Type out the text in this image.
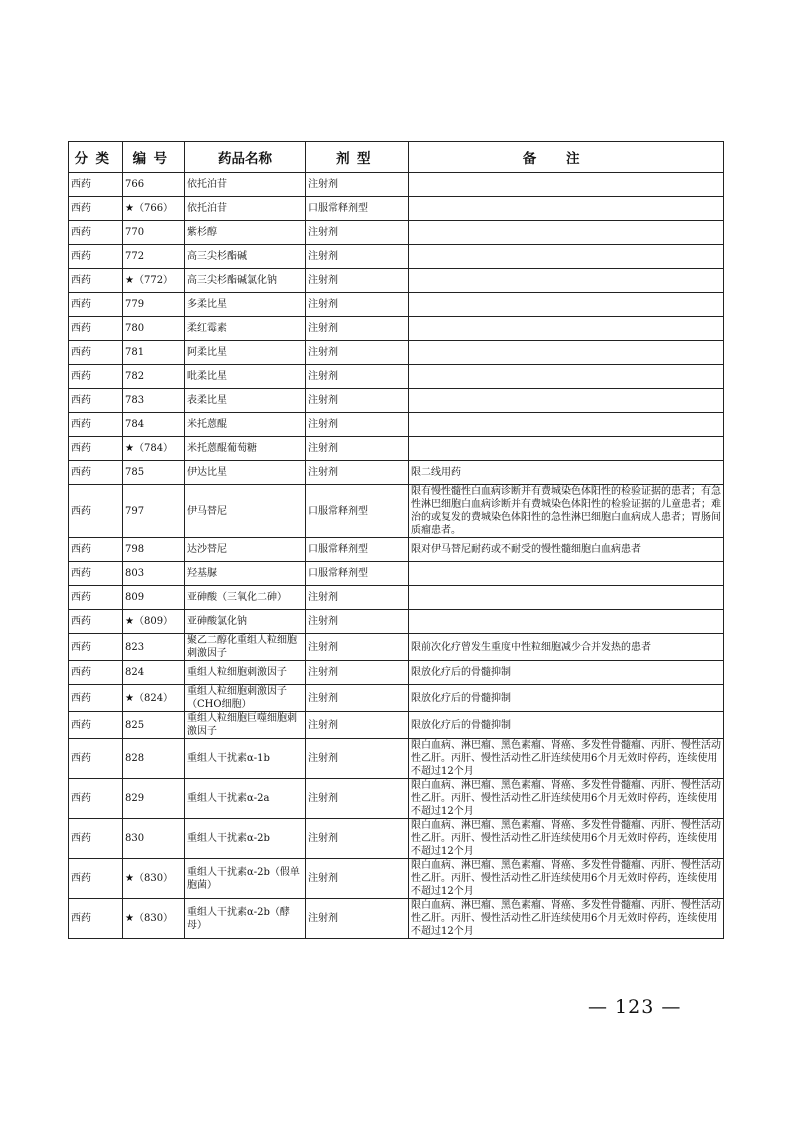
分类	编号	药品名称	剂型	备注
西药	766	依托泊苷	注射剂	
西药	★（766）	依托泊苷	口服常释剂型	
西药	770	紫杉醇	注射剂	
西药	772	高三尖杉酯碱	注射剂	
西药	★（772）	高三尖杉酯碱氯化钠	注射剂	
西药	779	多柔比星	注射剂	
西药	780	柔红霉素	注射剂	
西药	781	阿柔比星	注射剂	
西药	782	吡柔比星	注射剂	
西药	783	表柔比星	注射剂	
西药	784	米托蒽醌	注射剂	
西药	★（784）	米托蒽醌葡萄糖	注射剂	
西药	785	伊达比星	注射剂	限二线用药
西药	797	伊马替尼	口服常释剂型	限有慢性髓性白血病诊断并有费城染色体阳性的检验证据的患者；有急性淋巴细胞白血病诊断并有费城染色体阳性的检验证据的儿童患者；难治的或复发的费城染色体阳性的急性淋巴细胞白血病成人患者；胃肠间质瘤患者。
西药	798	达沙替尼	口服常释剂型	限对伊马替尼耐药或不耐受的慢性髓细胞白血病患者
西药	803	羟基脲	口服常释剂型	
西药	809	亚砷酸（三氧化二砷）	注射剂	
西药	★（809）	亚砷酸氯化钠	注射剂	
西药	823	聚乙二醇化重组人粒细胞刺激因子	注射剂	限前次化疗曾发生重度中性粒细胞减少合并发热的患者
西药	824	重组人粒细胞刺激因子	注射剂	限放化疗后的骨髓抑制
西药	★（824）	重组人粒细胞刺激因子（CHO细胞）	注射剂	限放化疗后的骨髓抑制
西药	825	重组人粒细胞巨噬细胞刺激因子	注射剂	限放化疗后的骨髓抑制
西药	828	重组人干扰素α-1b	注射剂	限白血病、淋巴瘤、黑色素瘤、肾癌、多发性骨髓瘤、丙肝、慢性活动性乙肝。丙肝、慢性活动性乙肝连续使用6个月无效时停药，连续使用不超过12个月
西药	829	重组人干扰素α-2a	注射剂	限白血病、淋巴瘤、黑色素瘤、肾癌、多发性骨髓瘤、丙肝、慢性活动性乙肝。丙肝、慢性活动性乙肝连续使用6个月无效时停药，连续使用不超过12个月
西药	830	重组人干扰素α-2b	注射剂	限白血病、淋巴瘤、黑色素瘤、肾癌、多发性骨髓瘤、丙肝、慢性活动性乙肝。丙肝、慢性活动性乙肝连续使用6个月无效时停药，连续使用不超过12个月
西药	★（830）	重组人干扰素α-2b（假单胞菌）	注射剂	限白血病、淋巴瘤、黑色素瘤、肾癌、多发性骨髓瘤、丙肝、慢性活动性乙肝。丙肝、慢性活动性乙肝连续使用6个月无效时停药，连续使用不超过12个月
西药	★（830）	重组人干扰素α-2b（酵母）	注射剂	限白血病、淋巴瘤、黑色素瘤、肾癌、多发性骨髓瘤、丙肝、慢性活动性乙肝。丙肝、慢性活动性乙肝连续使用6个月无效时停药，连续使用不超过12个月
— 123 —
